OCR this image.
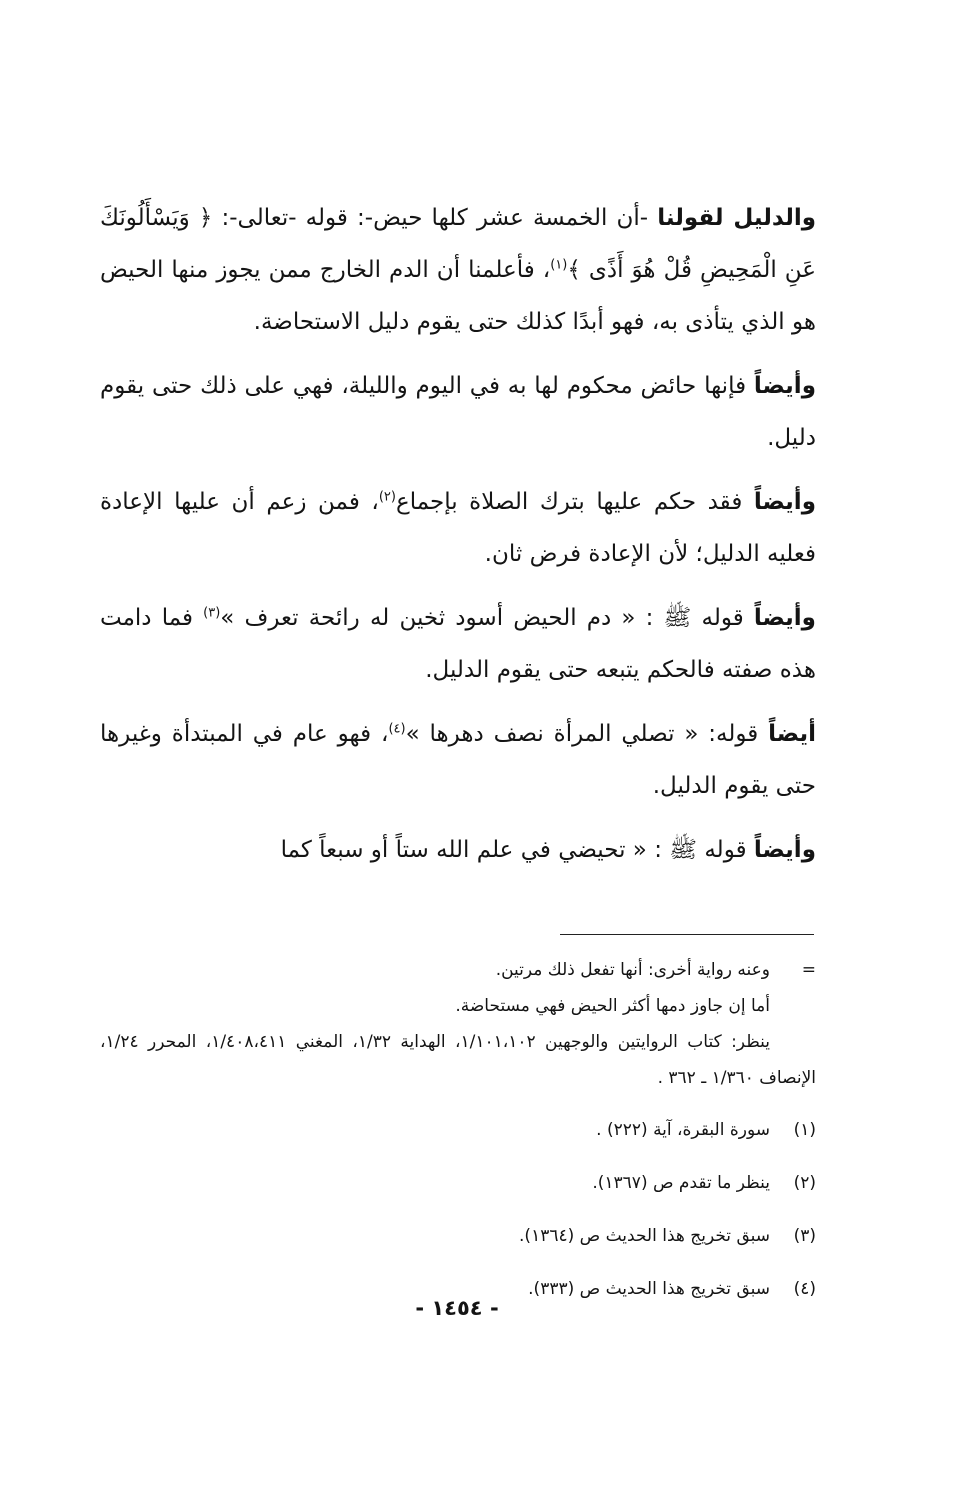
والدليل لقولنا -أن الخمسة عشر كلها حيض-: قوله -تعالى-: ﴿ وَيَسْأَلُونَكَ عَنِ الْمَحِيضِ قُلْ هُوَ أَذًى ﴾$^{(١)}$، فأعلمنا أن الدم الخارج ممن يجوز منها الحيض هو الذي يتأذى به، فهو أبدًا كذلك حتى يقوم دليل الاستحاضة.

وأيضاً فإنها حائض محكوم لها به في اليوم والليلة، فهي على ذلك حتى يقوم دليل.

وأيضاً فقد حكم عليها بترك الصلاة بإجماع$^{(٢)}$، فمن زعم أن عليها الإعادة فعليه الدليل؛ لأن الإعادة فرض ثان.

وأيضاً قوله ﷺ : « دم الحيض أسود ثخين له رائحة تعرف »$^{(٣)}$ فما دامت هذه صفته فالحكم يتبعه حتى يقوم الدليل.

أيضاً قوله: « تصلي المرأة نصف دهرها »$^{(٤)}$، فهو عام في المبتدأة وغيرها حتى يقوم الدليل.

وأيضاً قوله ﷺ : « تحيضي في علم الله ستاً أو سبعاً كما

=وعنه رواية أخرى: أنها تفعل ذلك مرتين.
أما إن جاوز دمها أكثر الحيض فهي مستحاضة.
ينظر: كتاب الروايتين والوجهين ١/١٠١،١٠٢، الهداية ١/٣٢، المغني ١/٤٠٨،٤١١، المحرر ١/٢٤، الإنصاف ١/٣٦٠ ـ ٣٦٢ .
(١)سورة البقرة، آية (٢٢٢) .
(٢)ينظر ما تقدم ص (١٣٦٧).
(٣)سبق تخريج هذا الحديث ص (١٣٦٤).
(٤)سبق تخريج هذا الحديث ص (٣٣٣).
- ١٤٥٤ -
